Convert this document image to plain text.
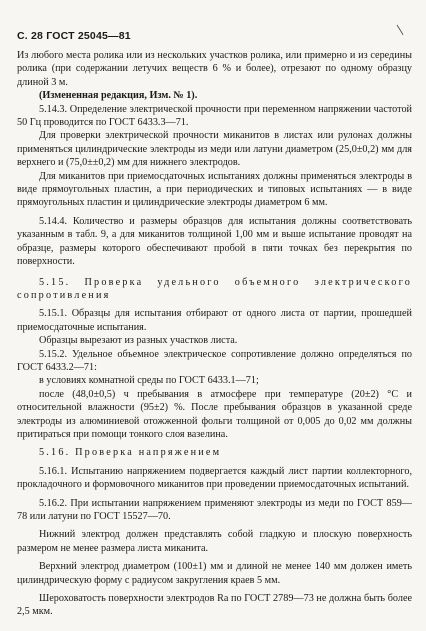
С. 28 ГОСТ 25045—81

Из любого места ролика или из нескольких участков ролика, или примерно и из середины ролика (при содержании летучих веществ 6 % и более), отрезают по одному образцу длиной 3 м.

(Измененная редакция, Изм. № 1).

5.14.3. Определение электрической прочности при переменном напряжении частотой 50 Гц проводится по ГОСТ 6433.3—71.

Для проверки электрической прочности миканитов в листах или рулонах должны применяться цилиндрические электроды из меди или латуни диаметром (25,0±0,2) мм для верхнего и (75,0±±0,2) мм для нижнего электродов.

Для миканитов при приемосдаточных испытаниях должны применяться электроды в виде прямоугольных пластин, а при периодических и типовых испытаниях — в виде прямоугольных пластин и цилиндрические электроды диаметром 6 мм.

5.14.4. Количество и размеры образцов для испытания должны соответствовать указанным в табл. 9, а для миканитов толщиной 1,00 мм и выше испытание проводят на образце, размеры которого обеспечивают пробой в пяти точках без перекрытия по поверхности.

5.15. Проверка удельного объемного электрического сопротивления

5.15.1. Образцы для испытания отбирают от одного листа от партии, прошедшей приемосдаточные испытания.

Образцы вырезают из разных участков листа.

5.15.2. Удельное объемное электрическое сопротивление должно определяться по ГОСТ 6433.2—71:

в условиях комнатной среды по ГОСТ 6433.1—71;

после (48,0±0,5) ч пребывания в атмосфере при температуре (20±2) °С и относительной влажности (95±2) %. После пребывания образцов в указанной среде электроды из алюминиевой отожженной фольги толщиной от 0,005 до 0,02 мм должны притираться при помощи тонкого слоя вазелина.

5.16. Проверка напряжением

5.16.1. Испытанию напряжением подвергается каждый лист партии коллекторного, прокладочного и формовочного миканитов при проведении приемосдаточных испытаний.

5.16.2. При испытании напряжением применяют электроды из меди по ГОСТ 859—78 или латуни по ГОСТ 15527—70.

Нижний электрод должен представлять собой гладкую и плоскую поверхность размером не менее размера листа миканита.

Верхний электрод диаметром (100±1) мм и длиной не менее 140 мм должен иметь цилиндрическую форму с радиусом закругления краев 5 мм.

Шероховатость поверхности электродов Ra по ГОСТ 2789—73 не должна быть более 2,5 мкм.
